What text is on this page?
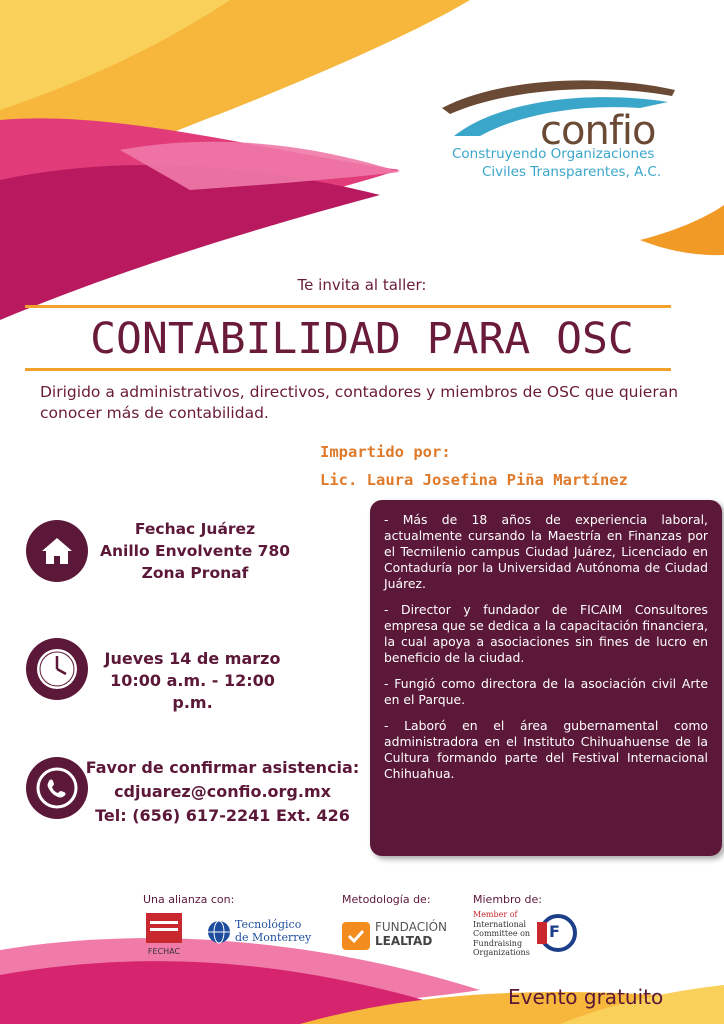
confio
Construyendo Organizaciones
Civiles Transparentes, A.C.
Te invita al taller:
CONTABILIDAD PARA OSC
Dirigido a administrativos, directivos, contadores y miembros de OSC que quieran conocer más de contabilidad.
Impartido por:
Lic. Laura Josefina Piña Martínez
Fechac Juárez
Anillo Envolvente 780
Zona Pronaf
Jueves 14 de marzo
10:00 a.m. - 12:00 p.m.
Favor de confirmar asistencia:
cdjuarez@confio.org.mx
Tel: (656) 617-2241 Ext. 426

- Más de 18 años de experiencia laboral, actualmente cursando la Maestría en Finanzas por el Tecmilenio campus Ciudad Juárez, Licenciado en Contaduría por la Universidad Autónoma de Ciudad Juárez.

- Director y fundador de FICAIM Consultores empresa que se dedica a la capacitación financiera, la cual apoya a asociaciones sin fines de lucro en beneficio de la ciudad.

- Fungió como directora de la asociación civil Arte en el Parque.

- Laboró en el área gubernamental como administradora en el Instituto Chihuahuense de la Cultura formando parte del Festival Internacional Chihuahua.

Una alianza con:
FECHAC
Tecnológico
de Monterrey
Metodología de:
FUNDACIÓN
LEALTAD
Miembro de:
Member of
International
Committee on
Fundraising
Organizations
F
Evento gratuito
